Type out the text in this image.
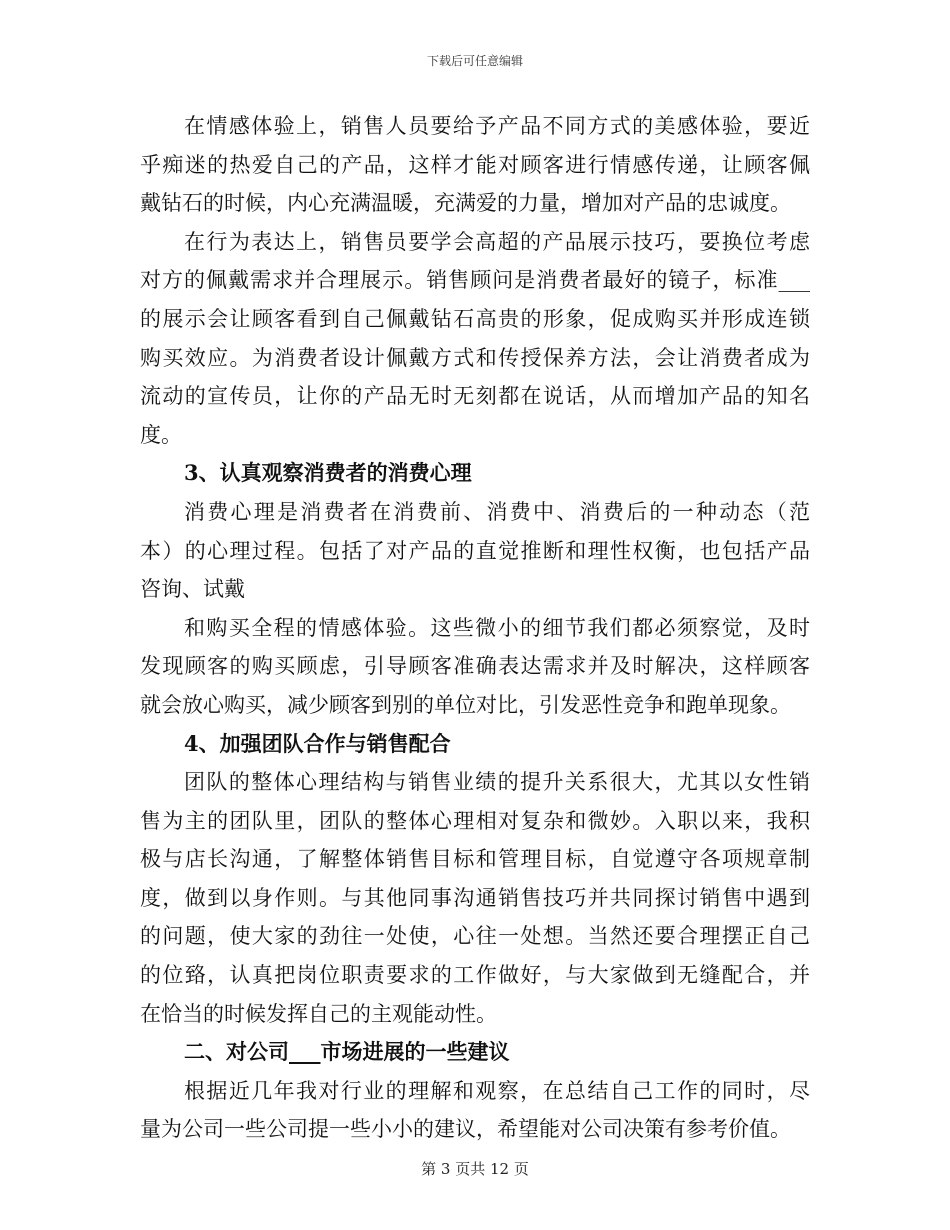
下载后可任意编辑
在情感体验上，销售人员要给予产品不同方式的美感体验，要近
乎痴迷的热爱自己的产品，这样才能对顾客进行情感传递，让顾客佩
戴钻石的时候，内心充满温暖，充满爱的力量，增加对产品的忠诚度。
在行为表达上，销售员要学会高超的产品展示技巧，要换位考虑
对方的佩戴需求并合理展示。销售顾问是消费者最好的镜子，标准___
的展示会让顾客看到自己佩戴钻石高贵的形象，促成购买并形成连锁
购买效应。为消费者设计佩戴方式和传授保养方法，会让消费者成为
流动的宣传员，让你的产品无时无刻都在说话，从而增加产品的知名
度。
3、认真观察消费者的消费心理
消费心理是消费者在消费前、消费中、消费后的一种动态（范
本）的心理过程。包括了对产品的直觉推断和理性权衡，也包括产品
咨询、试戴
和购买全程的情感体验。这些微小的细节我们都必须察觉，及时
发现顾客的购买顾虑，引导顾客准确表达需求并及时解决，这样顾客
就会放心购买，减少顾客到别的单位对比，引发恶性竞争和跑单现象。
4、加强团队合作与销售配合
团队的整体心理结构与销售业绩的提升关系很大，尤其以女性销
售为主的团队里，团队的整体心理相对复杂和微妙。入职以来，我积
极与店长沟通，了解整体销售目标和管理目标，自觉遵守各项规章制
度，做到以身作则。与其他同事沟通销售技巧并共同探讨销售中遇到
的问题，使大家的劲往一处使，心往一处想。当然还要合理摆正自己
的位臵，认真把岗位职责要求的工作做好，与大家做到无缝配合，并
在恰当的时候发挥自己的主观能动性。
二、对公司___市场进展的一些建议
根据近几年我对行业的理解和观察，在总结自己工作的同时，尽
量为公司一些公司提一些小小的建议，希望能对公司决策有参考价值。
第 3 页共 12 页
